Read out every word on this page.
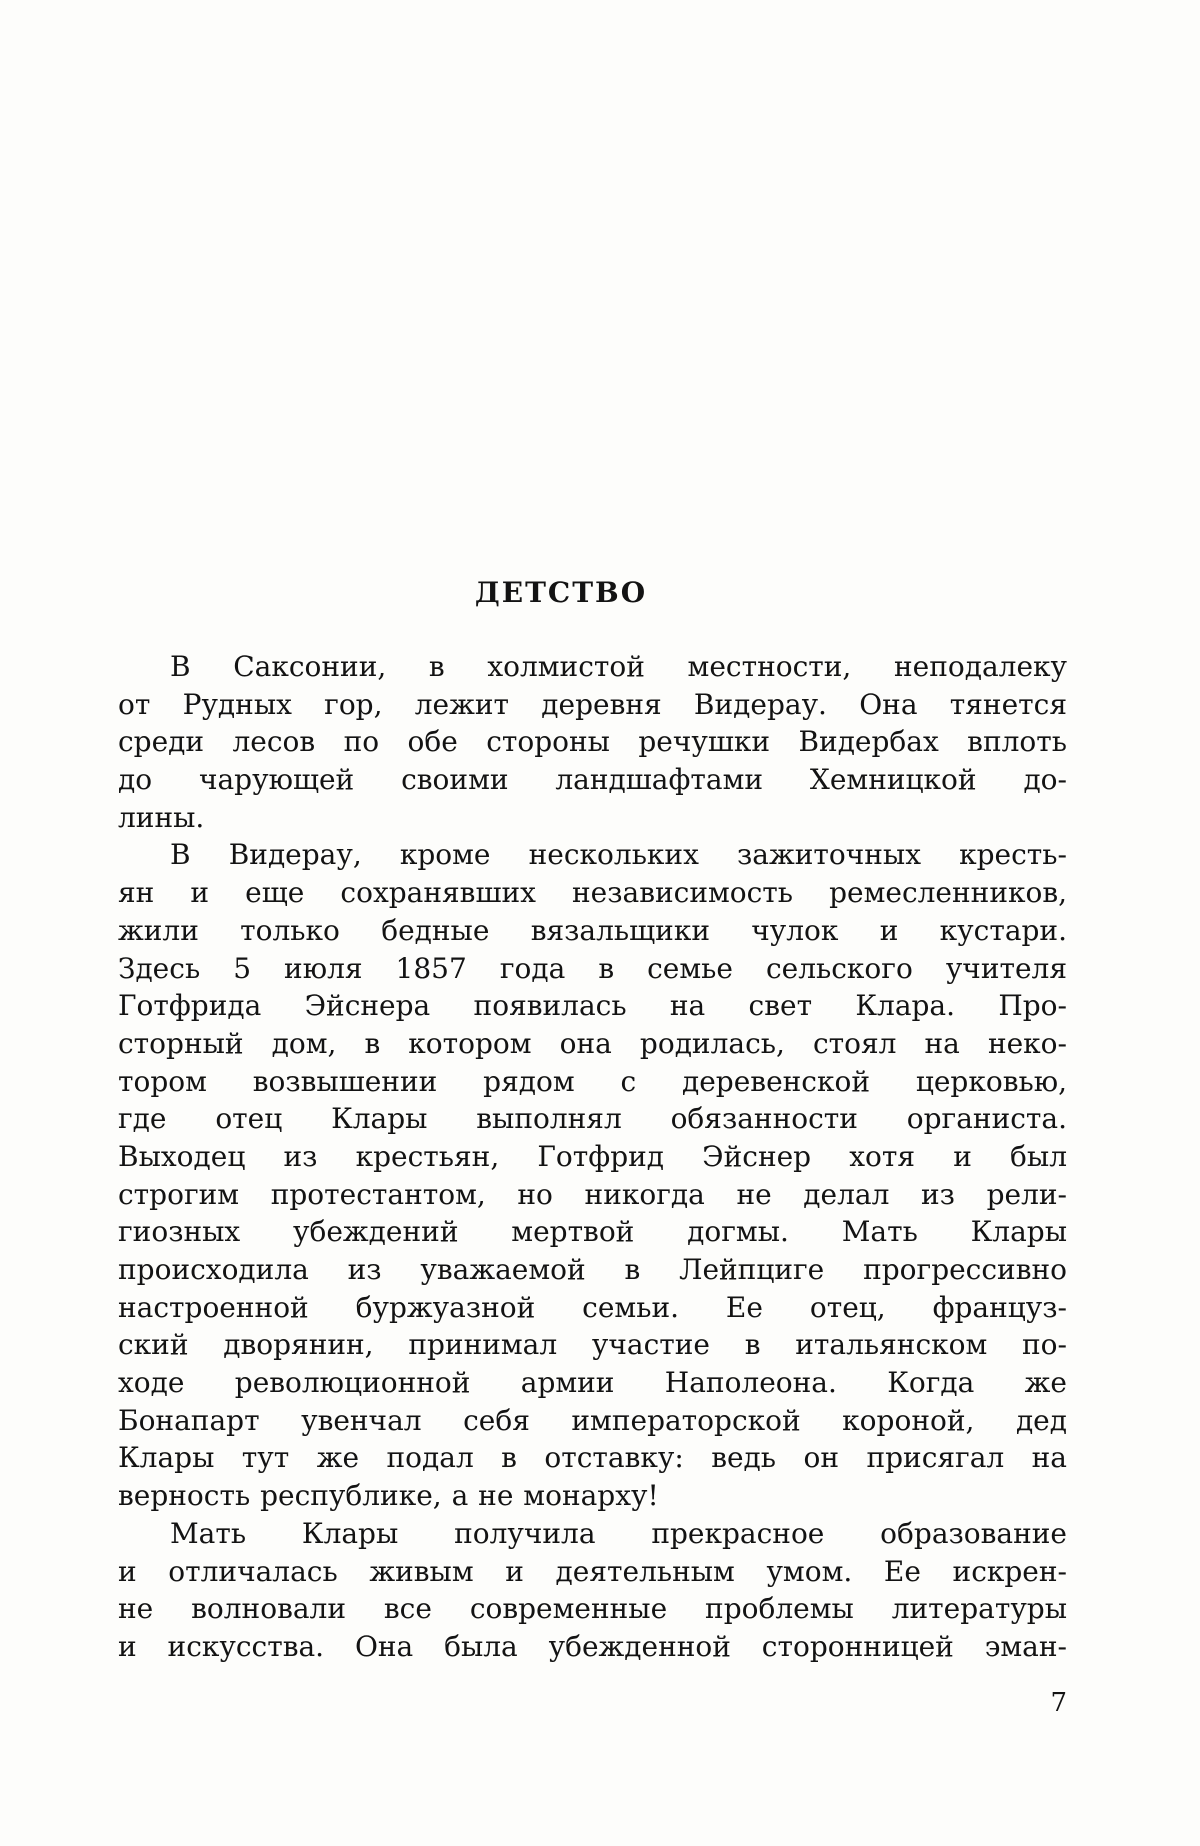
ДЕТСТВО
В Саксонии, в холмистой местности, неподалеку
от Рудных гор, лежит деревня Видерау. Она тянется
среди лесов по обе стороны речушки Видербах вплоть
до чарующей своими ландшафтами Хемницкой до-
лины.
В Видерау, кроме нескольких зажиточных кресть-
ян и еще сохранявших независимость ремесленников,
жили только бедные вязальщики чулок и кустари.
Здесь 5 июля 1857 года в семье сельского учителя
Готфрида Эйснера появилась на свет Клара. Про-
сторный дом, в котором она родилась, стоял на неко-
тором возвышении рядом с деревенской церковью,
где отец Клары выполнял обязанности органиста.
Выходец из крестьян, Готфрид Эйснер хотя и был
строгим протестантом, но никогда не делал из рели-
гиозных убеждений мертвой догмы. Мать Клары
происходила из уважаемой в Лейпциге прогрессивно
настроенной буржуазной семьи. Ее отец, француз-
ский дворянин, принимал участие в итальянском по-
ходе революционной армии Наполеона. Когда же
Бонапарт увенчал себя императорской короной, дед
Клары тут же подал в отставку: ведь он присягал на
верность республике, а не монарху!
Мать Клары получила прекрасное образование
и отличалась живым и деятельным умом. Ее искрен-
не волновали все современные проблемы литературы
и искусства. Она была убежденной сторонницей эман-
7
